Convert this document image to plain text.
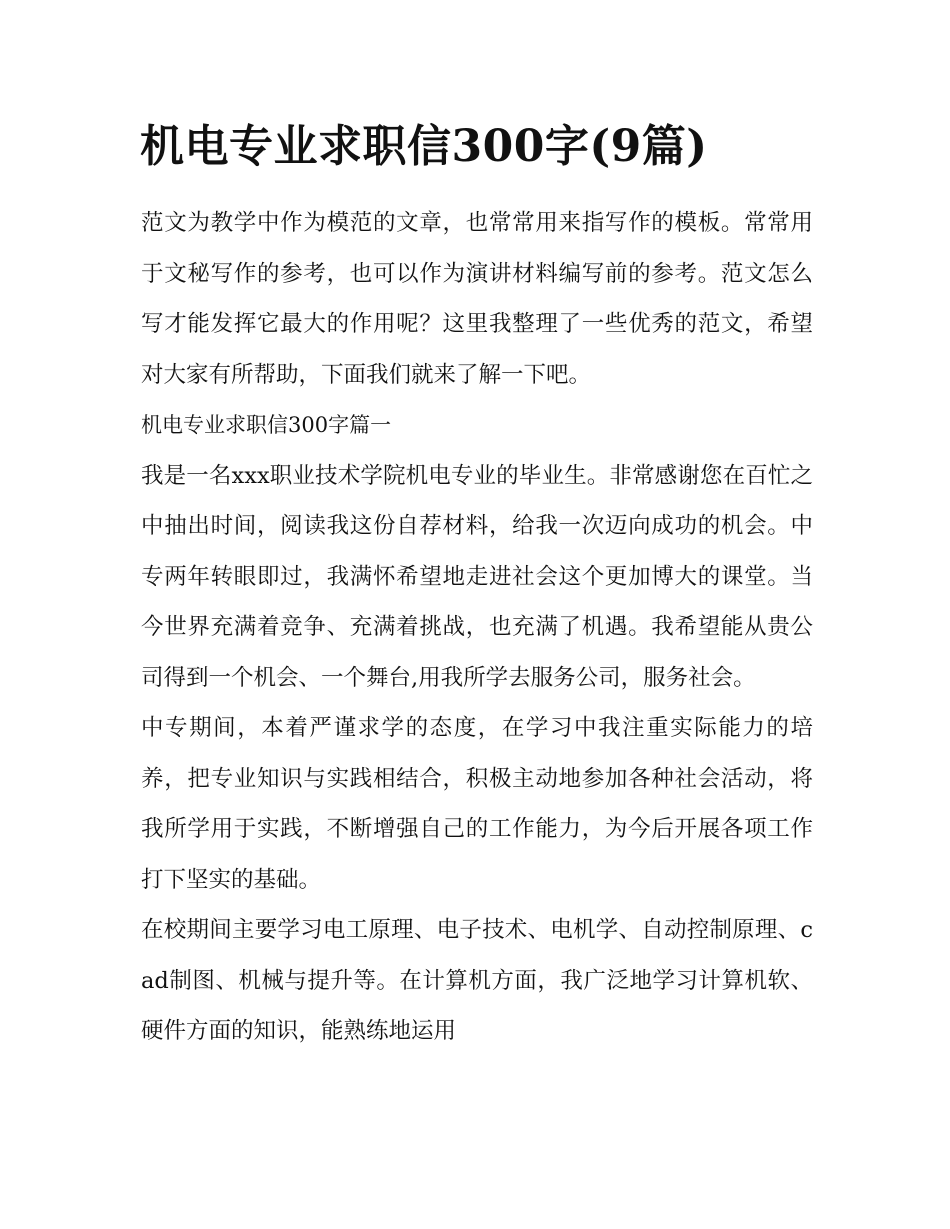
机电专业求职信300字(9篇)

范文为教学中作为模范的文章，也常常用来指写作的模板。常常用于文秘写作的参考，也可以作为演讲材料编写前的参考。范文怎么写才能发挥它最大的作用呢？这里我整理了一些优秀的范文，希望对大家有所帮助，下面我们就来了解一下吧。

机电专业求职信300字篇一

我是一名xxx职业技术学院机电专业的毕业生。非常感谢您在百忙之中抽出时间，阅读我这份自荐材料，给我一次迈向成功的机会。中专两年转眼即过，我满怀希望地走进社会这个更加博大的课堂。当今世界充满着竞争、充满着挑战，也充满了机遇。我希望能从贵公司得到一个机会、一个舞台,用我所学去服务公司，服务社会。

中专期间，本着严谨求学的态度，在学习中我注重实际能力的培养，把专业知识与实践相结合，积极主动地参加各种社会活动，将我所学用于实践，不断增强自己的工作能力，为今后开展各项工作打下坚实的基础。

在校期间主要学习电工原理、电子技术、电机学、自动控制原理、cad制图、机械与提升等。在计算机方面，我广泛地学习计算机软、硬件方面的知识，能熟练地运用
